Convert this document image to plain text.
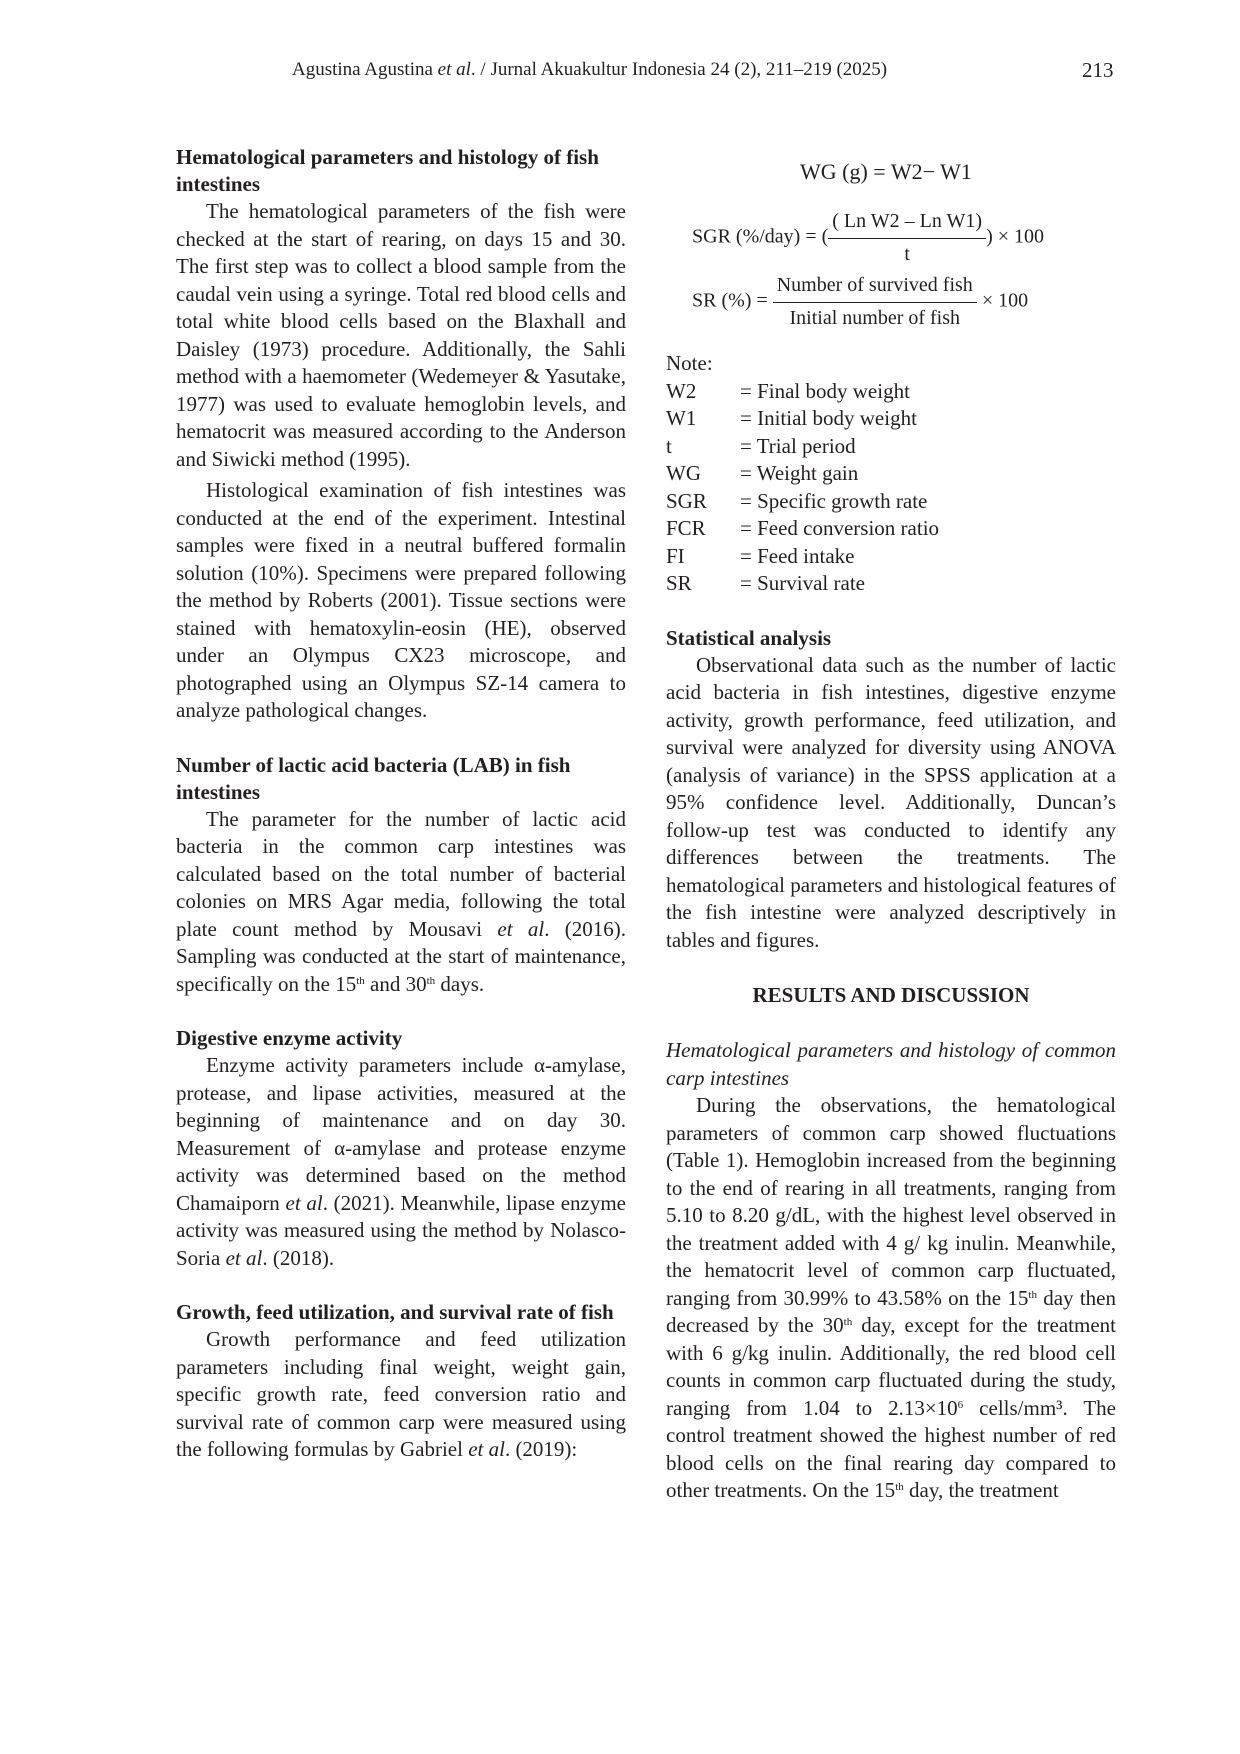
Agustina Agustina et al. / Jurnal Akuakultur Indonesia 24 (2), 211–219 (2025)	213
Hematological parameters and histology of fish intestines

The hematological parameters of the fish were checked at the start of rearing, on days 15 and 30. The first step was to collect a blood sample from the caudal vein using a syringe. Total red blood cells and total white blood cells based on the Blaxhall and Daisley (1973) procedure. Additionally, the Sahli method with a haemometer (Wedemeyer & Yasutake, 1977) was used to evaluate hemoglobin levels, and hematocrit was measured according to the Anderson and Siwicki method (1995).

Histological examination of fish intestines was conducted at the end of the experiment. Intestinal samples were fixed in a neutral buffered formalin solution (10%). Specimens were prepared following the method by Roberts (2001). Tissue sections were stained with hematoxylin-eosin (HE), observed under an Olympus CX23 microscope, and photographed using an Olympus SZ-14 camera to analyze pathological changes.

Number of lactic acid bacteria (LAB) in fish intestines

The parameter for the number of lactic acid bacteria in the common carp intestines was calculated based on the total number of bacterial colonies on MRS Agar media, following the total plate count method by Mousavi et al. (2016). Sampling was conducted at the start of maintenance, specifically on the 15th and 30th days.

Digestive enzyme activity

Enzyme activity parameters include α-amylase, protease, and lipase activities, measured at the beginning of maintenance and on day 30. Measurement of α-amylase and protease enzyme activity was determined based on the method Chamaiporn et al. (2021). Meanwhile, lipase enzyme activity was measured using the method by Nolasco-Soria et al. (2018).

Growth, feed utilization, and survival rate of fish

Growth performance and feed utilization parameters including final weight, weight gain, specific growth rate, feed conversion ratio and survival rate of common carp were measured using the following formulas by Gabriel et al. (2019):

WG (g) = W2− W1
SGR (%/day) = ( $\frac{\text{( Ln W2 – Ln W1)}}{t}$ ) × 100
SR (%) = $\frac{\text{Number of survived fish}}{\text{Initial number of fish}} \times 100$
Note:
W2	= Final body weight
W1	= Initial body weight
t	= Trial period
WG	= Weight gain
SGR	= Specific growth rate
FCR	= Feed conversion ratio
FI	= Feed intake
SR	= Survival rate
Statistical analysis

Observational data such as the number of lactic acid bacteria in fish intestines, digestive enzyme activity, growth performance, feed utilization, and survival were analyzed for diversity using ANOVA (analysis of variance) in the SPSS application at a 95% confidence level. Additionally, Duncan’s follow-up test was conducted to identify any differences between the treatments. The hematological parameters and histological features of the fish intestine were analyzed descriptively in tables and figures.

RESULTS AND DISCUSSION
Hematological parameters and histology of common carp intestines

During the observations, the hematological parameters of common carp showed fluctuations (Table 1). Hemoglobin increased from the beginning to the end of rearing in all treatments, ranging from 5.10 to 8.20 g/dL, with the highest level observed in the treatment added with 4 g/ kg inulin. Meanwhile, the hematocrit level of common carp fluctuated, ranging from 30.99% to 43.58% on the 15th day then decreased by the 30th day, except for the treatment with 6 g/kg inulin. Additionally, the red blood cell counts in common carp fluctuated during the study, ranging from 1.04 to $2.13\times 10^6$ cells/mm³. The control treatment showed the highest number of red blood cells on the final rearing day compared to other treatments. On the 15th day, the treatment
